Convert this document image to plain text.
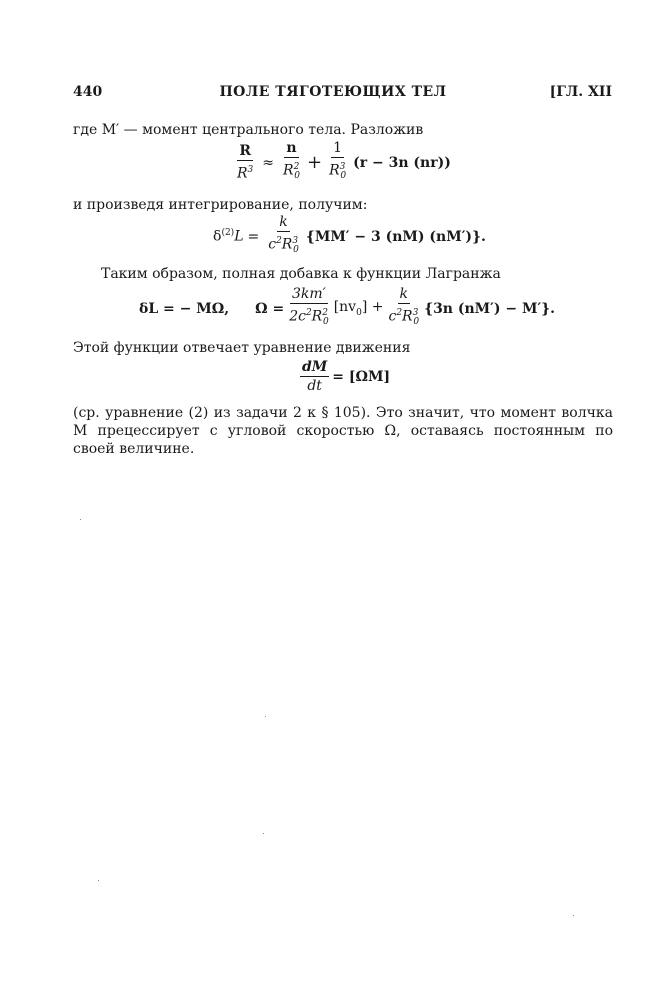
440	ПОЛЕ ТЯГОТЕЮЩИХ ТЕЛ	[ГЛ. XII
где M′ — момент центрального тела. Разложив
$\frac{R}{R^3} \approx \frac{n}{R^2_0} + \frac{1}{R^3_0} (r - 3n$ (nr))
и произведя интегрирование, получим:
$\delta^{(2)}L = \frac{k}{c^2R^3_0} \{MM' - 3$ (nM) (nM′)}.
Таким образом, полная добавка к функции Лагранжа
δL = − MΩ, $\Omega = \frac{3km'}{2c^2R^2_0} [nv_0] + \frac{k}{c^2R^3_0} \{3n$ (nM′) − M′}.
Этой функции отвечает уравнение движения
$\frac{dM}{dt} = [\Omega M]$
(ср. уравнение (2) из задачи 2 к § 105). Это значит, что момент волчка M прецессирует с угловой скоростью Ω, оставаясь постоянным по своей величине.
